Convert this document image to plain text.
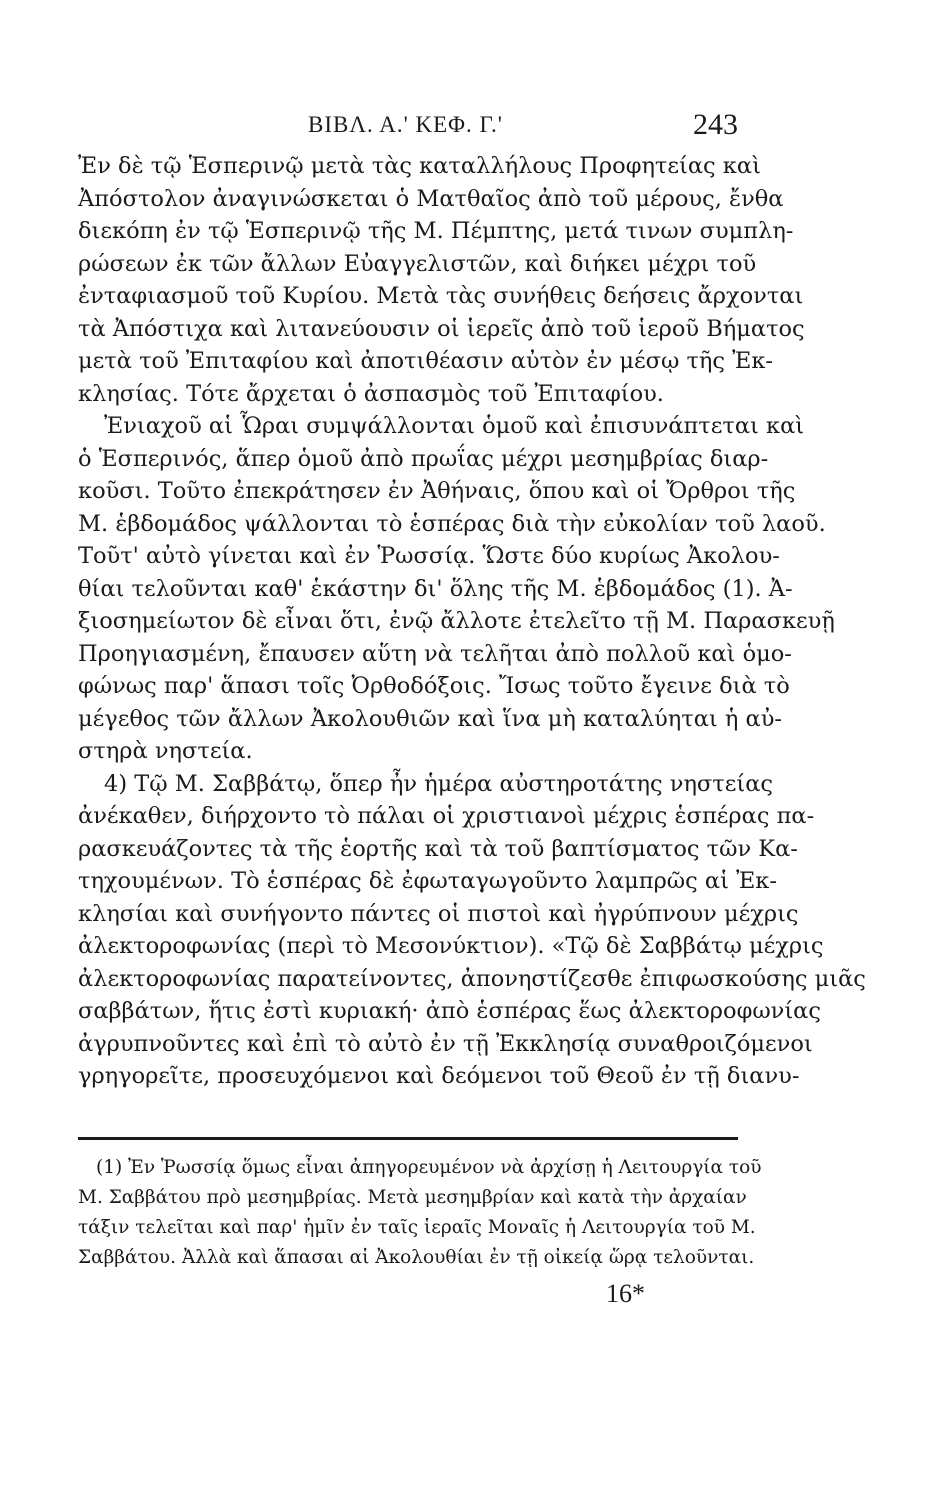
ΒΙΒΛ. Α.' ΚΕΦ. Γ.'	243
Ἐν δὲ τῷ Ἑσπερινῷ μετὰ τὰς καταλλήλους Προφητείας καὶ
Ἀπόστολον ἀναγινώσκεται ὁ Ματθαῖος ἀπὸ τοῦ μέρους, ἔνθα
διεκόπη ἐν τῷ Ἑσπερινῷ τῆς Μ. Πέμπτης, μετά τινων συμπλη-
ρώσεων ἐκ τῶν ἄλλων Εὐαγγελιστῶν, καὶ διήκει μέχρι τοῦ
ἐνταφιασμοῦ τοῦ Κυρίου. Μετὰ τὰς συνήθεις δεήσεις ἄρχονται
τὰ Ἀπόστιχα καὶ λιτανεύουσιν οἱ ἱερεῖς ἀπὸ τοῦ ἱεροῦ Βήματος
μετὰ τοῦ Ἐπιταφίου καὶ ἀποτιθέασιν αὐτὸν ἐν μέσῳ τῆς Ἐκ-
κλησίας. Τότε ἄρχεται ὁ ἀσπασμὸς τοῦ Ἐπιταφίου.
Ἐνιαχοῦ αἱ Ὧραι συμψάλλονται ὁμοῦ καὶ ἐπισυνάπτεται καὶ
ὁ Ἑσπερινός, ἅπερ ὁμοῦ ἀπὸ πρωΐας μέχρι μεσημβρίας διαρ-
κοῦσι. Τοῦτο ἐπεκράτησεν ἐν Ἀθήναις, ὅπου καὶ οἱ Ὄρθροι τῆς
Μ. ἑβδομάδος ψάλλονται τὸ ἑσπέρας διὰ τὴν εὐκολίαν τοῦ λαοῦ.
Τοῦτ' αὐτὸ γίνεται καὶ ἐν Ῥωσσίᾳ. Ὥστε δύο κυρίως Ἀκολου-
θίαι τελοῦνται καθ' ἑκάστην δι' ὅλης τῆς Μ. ἑβδομάδος (1). Ἀ-
ξιοσημείωτον δὲ εἶναι ὅτι, ἐνῷ ἄλλοτε ἐτελεῖτο τῇ Μ. Παρασκευῇ
Προηγιασμένη, ἔπαυσεν αὕτη νὰ τελῆται ἀπὸ πολλοῦ καὶ ὁμο-
φώνως παρ' ἅπασι τοῖς Ὀρθοδόξοις. Ἴσως τοῦτο ἔγεινε διὰ τὸ
μέγεθος τῶν ἄλλων Ἀκολουθιῶν καὶ ἵνα μὴ καταλύηται ἡ αὐ-
στηρὰ νηστεία.
4) Τῷ Μ. Σαββάτῳ, ὅπερ ἦν ἡμέρα αὐστηροτάτης νηστείας
ἀνέκαθεν, διήρχοντο τὸ πάλαι οἱ χριστιανοὶ μέχρις ἑσπέρας πα-
ρασκευάζοντες τὰ τῆς ἑορτῆς καὶ τὰ τοῦ βαπτίσματος τῶν Κα-
τηχουμένων. Τὸ ἑσπέρας δὲ ἐφωταγωγοῦντο λαμπρῶς αἱ Ἐκ-
κλησίαι καὶ συνήγοντο πάντες οἱ πιστοὶ καὶ ἠγρύπνουν μέχρις
ἀλεκτοροφωνίας (περὶ τὸ Μεσονύκτιον). «Τῷ δὲ Σαββάτῳ μέχρις
ἀλεκτοροφωνίας παρατείνοντες, ἀπονηστίζεσθε ἐπιφωσκούσης μιᾶς
σαββάτων, ἥτις ἐστὶ κυριακή· ἀπὸ ἑσπέρας ἕως ἀλεκτοροφωνίας
ἀγρυπνοῦντες καὶ ἐπὶ τὸ αὐτὸ ἐν τῇ Ἐκκλησίᾳ συναθροιζόμενοι
γρηγορεῖτε, προσευχόμενοι καὶ δεόμενοι τοῦ Θεοῦ ἐν τῇ διανυ-
(1) Ἐν Ῥωσσίᾳ ὅμως εἶναι ἀπηγορευμένον νὰ ἀρχίσῃ ἡ Λειτουργία τοῦ
Μ. Σαββάτου πρὸ μεσημβρίας. Μετὰ μεσημβρίαν καὶ κατὰ τὴν ἀρχαίαν
τάξιν τελεῖται καὶ παρ' ἡμῖν ἐν ταῖς ἱεραῖς Μοναῖς ἡ Λειτουργία τοῦ Μ.
Σαββάτου. Ἀλλὰ καὶ ἅπασαι αἱ Ἀκολουθίαι ἐν τῇ οἰκείᾳ ὥρᾳ τελοῦνται.
16*
